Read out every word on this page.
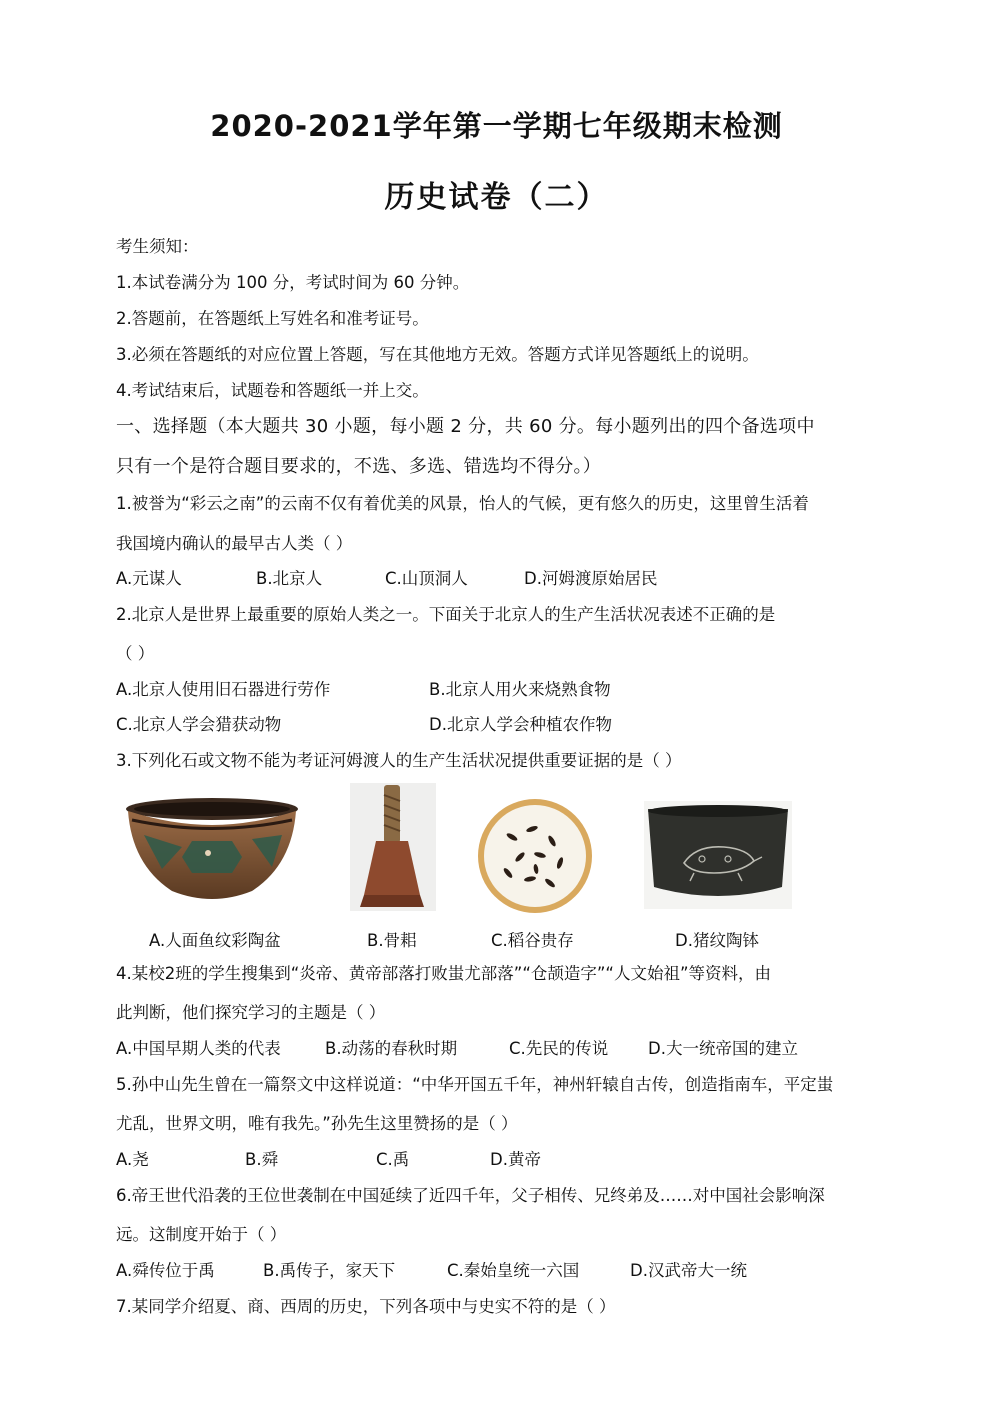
2020-2021学年第一学期七年级期末检测
历史试卷（二）
考生须知：
1.本试卷满分为 100 分，考试时间为 60 分钟。
2.答题前，在答题纸上写姓名和准考证号。
3.必须在答题纸的对应位置上答题，写在其他地方无效。答题方式详见答题纸上的说明。
4.考试结束后，试题卷和答题纸一并上交。
一、选择题（本大题共 30 小题，每小题 2 分，共 60 分。每小题列出的四个备选项中
只有一个是符合题目要求的，不选、多选、错选均不得分。）
1.被誉为“彩云之南”的云南不仅有着优美的风景，怡人的气候，更有悠久的历史，这里曾生活着
我国境内确认的最早古人类（ ）
A.元谋人	B.北京人	C.山顶洞人	D.河姆渡原始居民
2.北京人是世界上最重要的原始人类之一。下面关于北京人的生产生活状况表述不正确的是
（ ）
A.北京人使用旧石器进行劳作	B.北京人用火来烧熟食物
C.北京人学会猎获动物	D.北京人学会种植农作物
3.下列化石或文物不能为考证河姆渡人的生产生活状况提供重要证据的是（ ）
A.人面鱼纹彩陶盆	B.骨耜	C.稻谷贵存	D.猪纹陶钵
4.某校2班的学生搜集到“炎帝、黄帝部落打败蚩尤部落”“仓颉造字”“人文始祖”等资料，由
此判断，他们探究学习的主题是（ ）
A.中国早期人类的代表	B.动荡的春秋时期	C.先民的传说 D.大一统帝国的建立
5.孙中山先生曾在一篇祭文中这样说道：“中华开国五千年，神州轩辕自古传，创造指南车，平定蚩
尤乱，世界文明，唯有我先。”孙先生这里赞扬的是（ ）
A.尧	B.舜	C.禹	D.黄帝
6.帝王世代沿袭的王位世袭制在中国延续了近四千年，父子相传、兄终弟及……对中国社会影响深
远。这制度开始于（ ）
A.舜传位于禹	B.禹传子，家天下	C.秦始皇统一六国	D.汉武帝大一统
7.某同学介绍夏、商、西周的历史，下列各项中与史实不符的是（ ）
